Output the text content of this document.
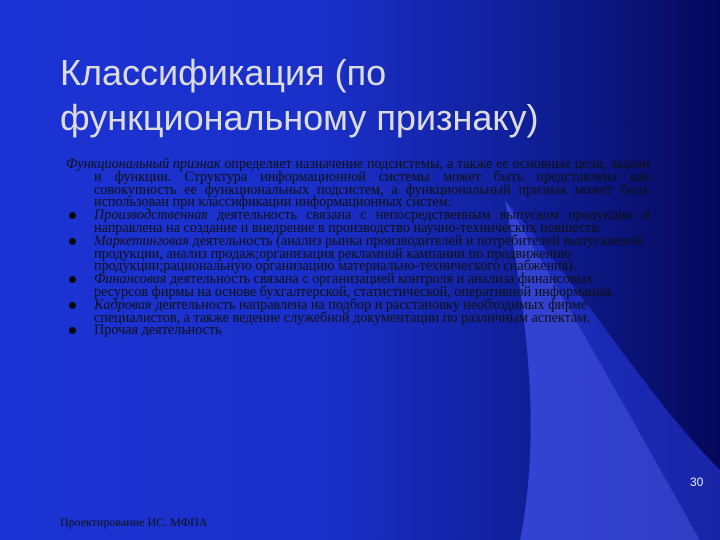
Классификация (по функциональному признаку)

Функциональный признак определяет назначение подсистемы, а также ее основные цели, задачи и функции. Структура информационной системы может быть представлена как совокупность ее функциональных подсистем, а функциональный признак может быть использован при классификации информационных систем.

Производственная деятельность связана с непосредственным выпуском продукции и направлена на создание и внедрение в производство научно-технических новшеств.
Маркетинговая деятельность (анализ рынка производителей и потребителей выпускаемой продукции, анализ продаж;организация рекламной кампании по продвижению продукции;рациональную организацию материально-технического снабжения).
Финансовая деятельность связана с организацией контроля и анализа финансовых ресурсов фирмы на основе бухгалтерской, статистической, оперативной информации.
Кадровая деятельность направлена на подбор и расстановку необходимых фирме специалистов, а также ведение служебной документации по различным аспектам.
Прочая деятельность
Проектирование ИС. МФПА
30
